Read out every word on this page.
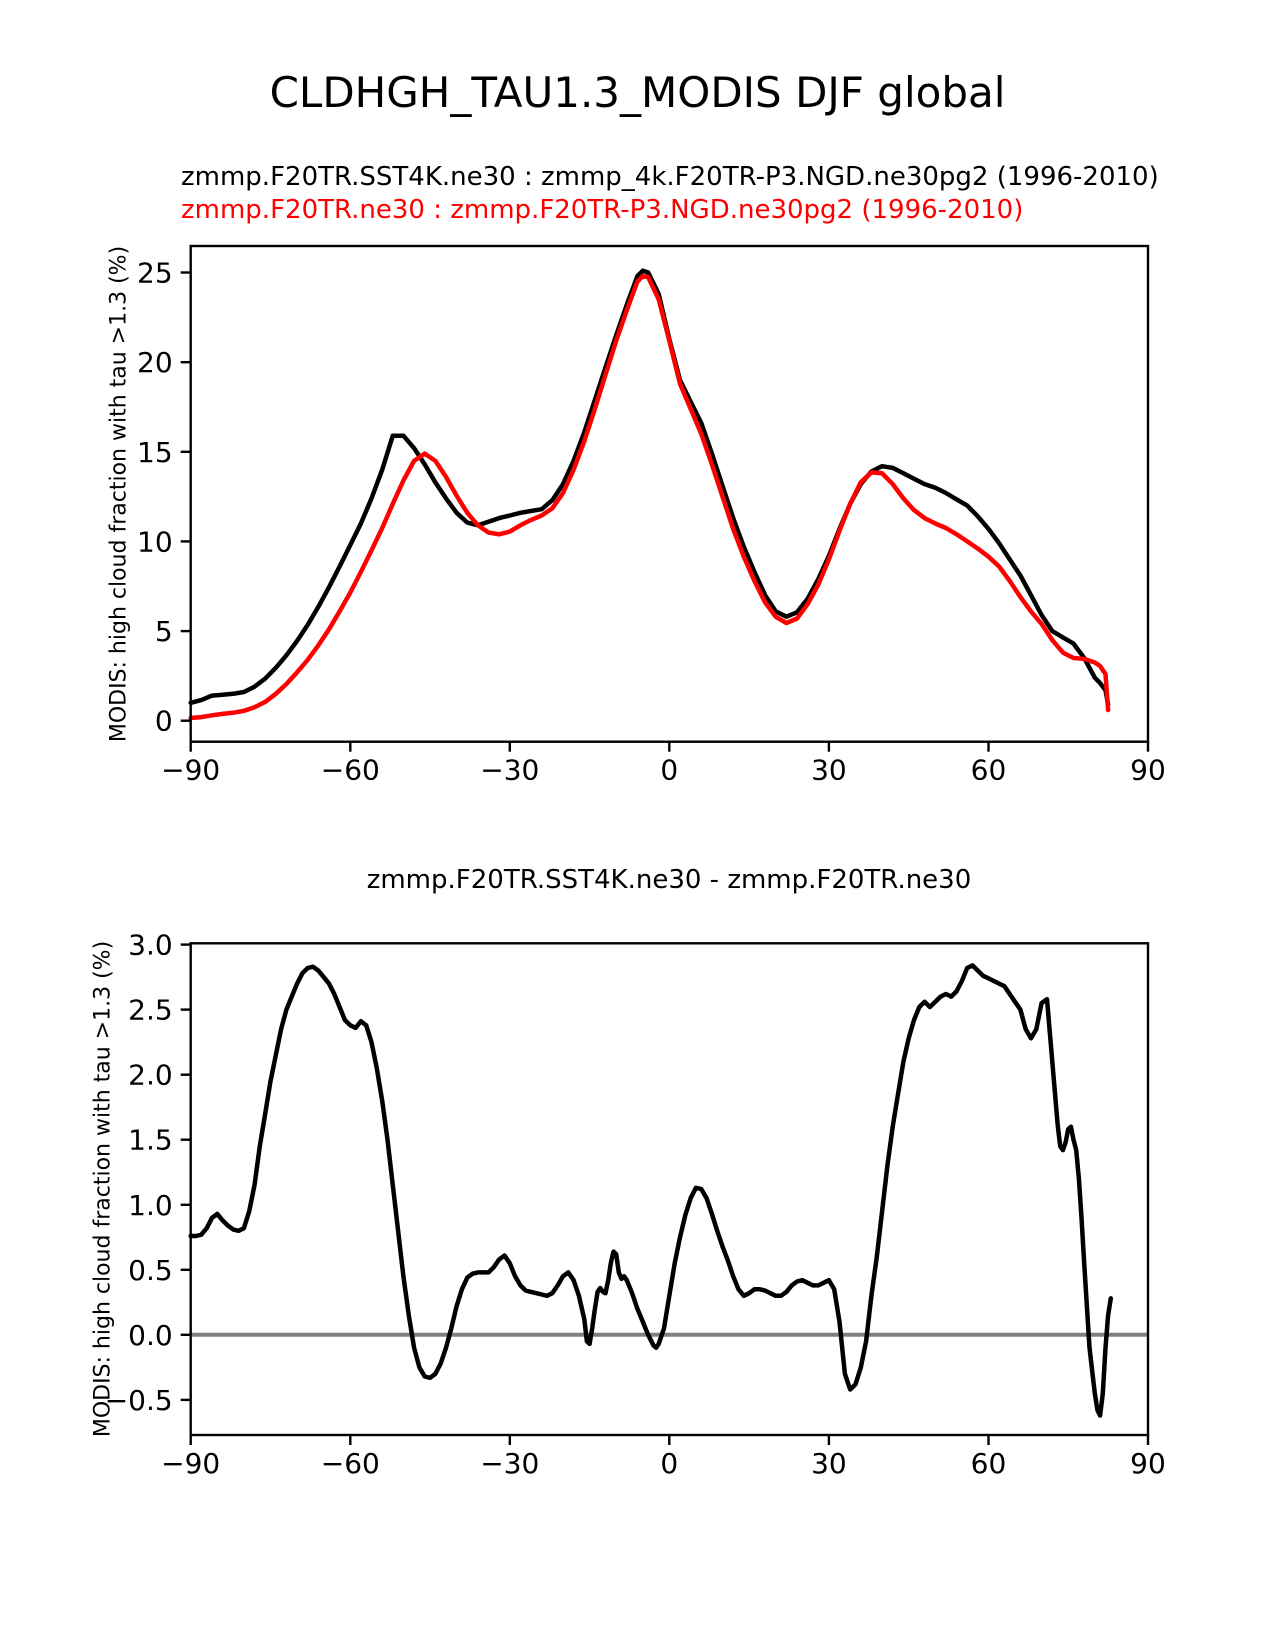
CLDHGH_TAU1.3_MODIS DJF global
zmmp.F20TR.SST4K.ne30 : zmmp_4k.F20TR-P3.NGD.ne30pg2 (1996-2010)
zmmp.F20TR.ne30 : zmmp.F20TR-P3.NGD.ne30pg2 (1996-2010)
MODIS: high cloud fraction with tau >1.3 (%)
zmmp.F20TR.SST4K.ne30 - zmmp.F20TR.ne30
MODIS: high cloud fraction with tau >1.3 (%)
−90	−60	−30	0	30	60	90
0
5
10
15
20
25
−90	−60	−30	0	30	60	90
−0.5
0.0
0.5
1.0
1.5
2.0
2.5
3.0
